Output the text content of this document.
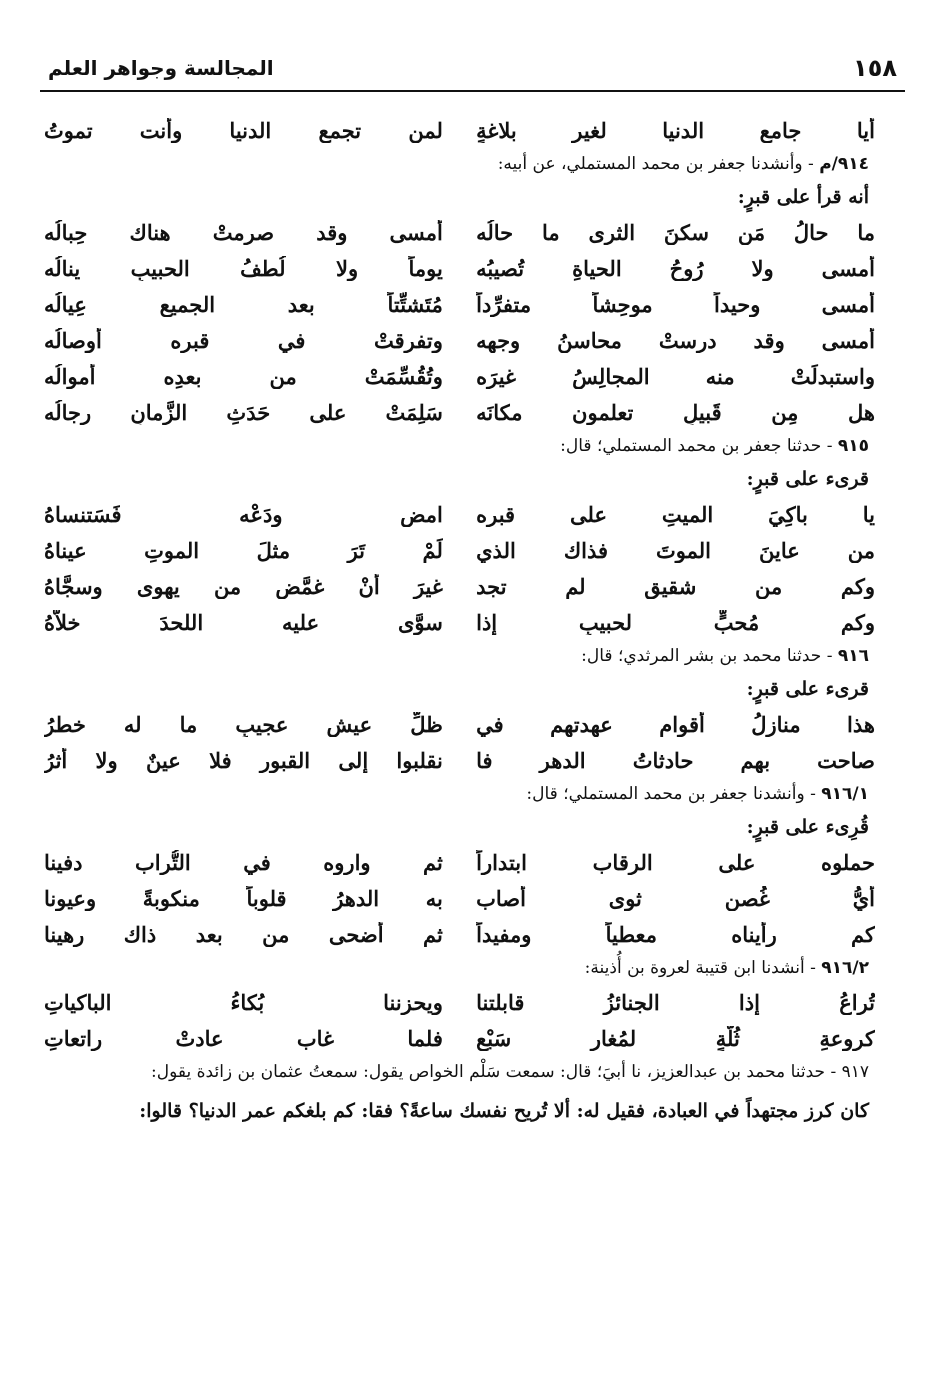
١٥٨
المجالسة وجواهر العلم
أيا جامع الدنيا لغير بلاغةٍ
لمن تجمع الدنيا وأنت تموتُ
٩١٤/م - وأنشدنا جعفر بن محمد المستملي، عن أبيه:
أنه قرأ على قبرٍ:
ما حالُ مَن سكنَ الثرى ما حالُه
أمسى وقد صرمتْ هناك حِبالُه
أمسى ولا رُوحُ الحياةِ تُصيبُه
يوماً ولا لُطفُ الحبيبِ ينالُه
أمسى وحيداً موحِشاً متفرِّداً
مُتَشتِّتاً بعد الجميعِ عِيالُه
أمسى وقد درستْ محاسنُ وجهِه
وتفرقتْ في قبرِه أوصالُه
واستبدلَتْ منه المجالِسُ غيرَه
وتُقُسِّمَتْ من بعدِه أموالُه
هل مِن قَبيلٍ تعلمون مكانَه
سَلِمَتْ على حَدَثِ الزَّمانِ رِجالُه
٩١٥ - حدثنا جعفر بن محمد المستملي؛ قال:
قرىء على قبرٍ:
يا باكِيَ الميتِ على قبرِه
امضِ ودَعْه فَسَتنساهُ
من عاينَ الموتَ فذاك الذي
لَمْ تَرَ مثلَ الموتِ عيناهُ
وكم من شقيقٍ لم تجد
غيرَ أنْ غمَّض من يهوى وسجَّاهُ
وكم مُحبٍّ لحبيبٍ إذا
سوَّى عليه اللحدَ خلاَّهُ
٩١٦ - حدثنا محمد بن بشر المرثدي؛ قال:
قرىء على قبرٍ:
هذا منازلُ أقوامٍ عهدتهم في
ظلِّ عيشٍ عجيبٍ ما له خطرُ
صاحت بهم حادثاتُ الدهر فا
نقلبوا إلى القبور فلا عينٌ ولا أثرُ
٩١٦/١ - وأنشدنا جعفر بن محمد المستملي؛ قال:
قُرِىء على قبرٍ:
حملوه على الرقاب ابتداراً
ثم واروه في التُّراب دفينا
أيُّ غُصنٍ ثوى أصاب
به الدهرُ قلوباً منكوبةً وعيونا
كم رأيناه معطياً ومفيداً
ثم أضحى من بعد ذاك رهينا
٩١٦/٢ - أنشدنا ابن قتيبة لعروة بن أُذينة:
تُراعُ إذا الجنائزُ قابلتنا
ويحزننا بُكاءُ الباكياتِ
كروعةِ ثُلَّةٍ لمُغارِ سَبْعٍ
فلما غاب عادتْ راتعاتِ
٩١٧ - حدثنا محمد بن عبدالعزيز، نا أبيَ؛ قال: سمعت سَلْم الخواص يقول: سمعتُ عثمان بن زائدة يقول:
كان كرز مجتهداً في العبادة، فقيل له: ألا تُريح نفسك ساعةً؟ فقا: كم بلغكم عمر الدنيا؟ قالوا:
